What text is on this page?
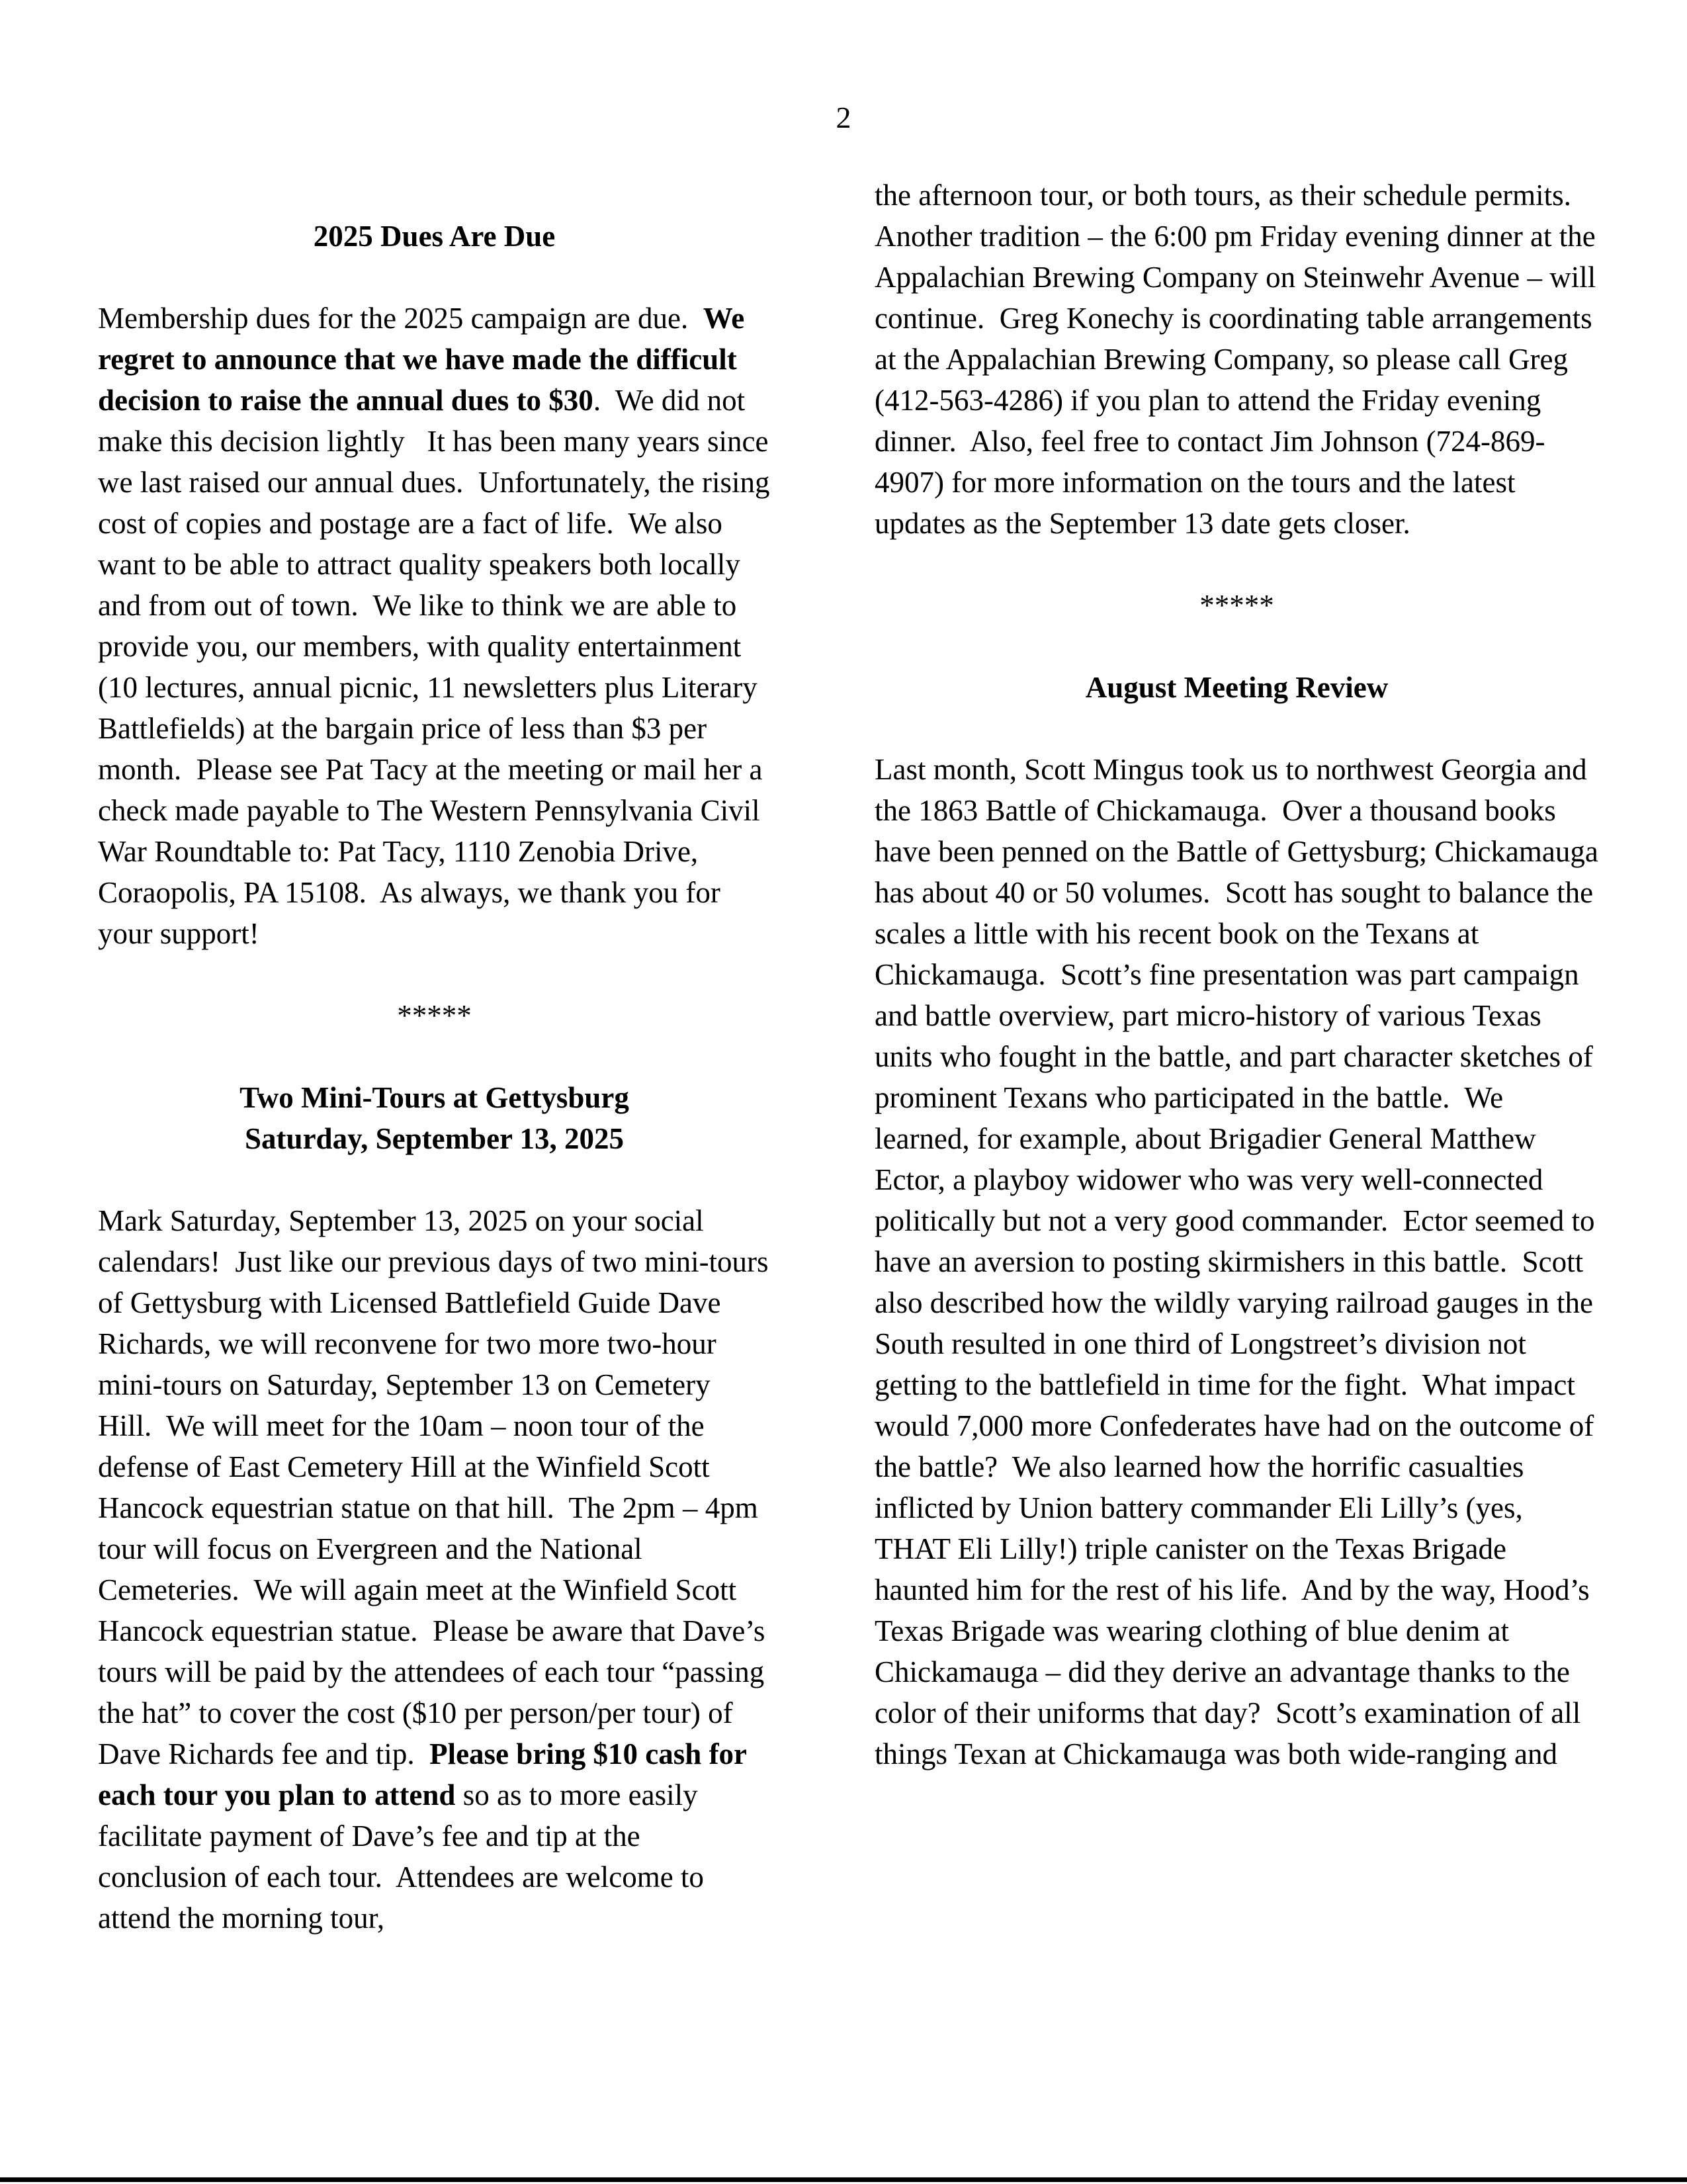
2
2025 Dues Are Due

Membership dues for the 2025 campaign are due.  We regret to announce that we have made the difficult decision to raise the annual dues to $30.  We did not make this decision lightly   It has been many years since we last raised our annual dues.  Unfortunately, the rising cost of copies and postage are a fact of life.  We also want to be able to attract quality speakers both locally and from out of town.  We like to think we are able to provide you, our members, with quality entertainment (10 lectures, annual picnic, 11 newsletters plus Literary Battlefields) at the bargain price of less than $3 per month.  Please see Pat Tacy at the meeting or mail her a check made payable to The Western Pennsylvania Civil War Roundtable to: Pat Tacy, 1110 Zenobia Drive, Coraopolis, PA 15108.  As always, we thank you for your support!

*****
Two Mini-Tours at Gettysburg
Saturday, September 13, 2025

Mark Saturday, September 13, 2025 on your social calendars!  Just like our previous days of two mini-tours of Gettysburg with Licensed Battlefield Guide Dave Richards, we will reconvene for two more two-hour mini-tours on Saturday, September 13 on Cemetery Hill.  We will meet for the 10am – noon tour of the defense of East Cemetery Hill at the Winfield Scott Hancock equestrian statue on that hill.  The 2pm – 4pm tour will focus on Evergreen and the National Cemeteries.  We will again meet at the Winfield Scott Hancock equestrian statue.  Please be aware that Dave’s tours will be paid by the attendees of each tour “passing the hat” to cover the cost ($10 per person/per tour) of Dave Richards fee and tip.  Please bring $10 cash for each tour you plan to attend so as to more easily facilitate payment of Dave’s fee and tip at the conclusion of each tour.  Attendees are welcome to attend the morning tour,

the afternoon tour, or both tours, as their schedule permits.  Another tradition – the 6:00 pm Friday evening dinner at the Appalachian Brewing Company on Steinwehr Avenue – will continue.  Greg Konechy is coordinating table arrangements at the Appalachian Brewing Company, so please call Greg (412-563-4286) if you plan to attend the Friday evening dinner.  Also, feel free to contact Jim Johnson (724-869-4907) for more information on the tours and the latest updates as the September 13 date gets closer.

*****
August Meeting Review

Last month, Scott Mingus took us to northwest Georgia and the 1863 Battle of Chickamauga.  Over a thousand books have been penned on the Battle of Gettysburg; Chickamauga has about 40 or 50 volumes.  Scott has sought to balance the scales a little with his recent book on the Texans at Chickamauga.  Scott’s fine presentation was part campaign and battle overview, part micro-history of various Texas units who fought in the battle, and part character sketches of prominent Texans who participated in the battle.  We learned, for example, about Brigadier General Matthew Ector, a playboy widower who was very well-connected politically but not a very good commander.  Ector seemed to have an aversion to posting skirmishers in this battle.  Scott also described how the wildly varying railroad gauges in the South resulted in one third of Longstreet’s division not getting to the battlefield in time for the fight.  What impact would 7,000 more Confederates have had on the outcome of the battle?  We also learned how the horrific casualties inflicted by Union battery commander Eli Lilly’s (yes, THAT Eli Lilly!) triple canister on the Texas Brigade haunted him for the rest of his life.  And by the way, Hood’s Texas Brigade was wearing clothing of blue denim at Chickamauga – did they derive an advantage thanks to the color of their uniforms that day?  Scott’s examination of all things Texan at Chickamauga was both wide-ranging and
